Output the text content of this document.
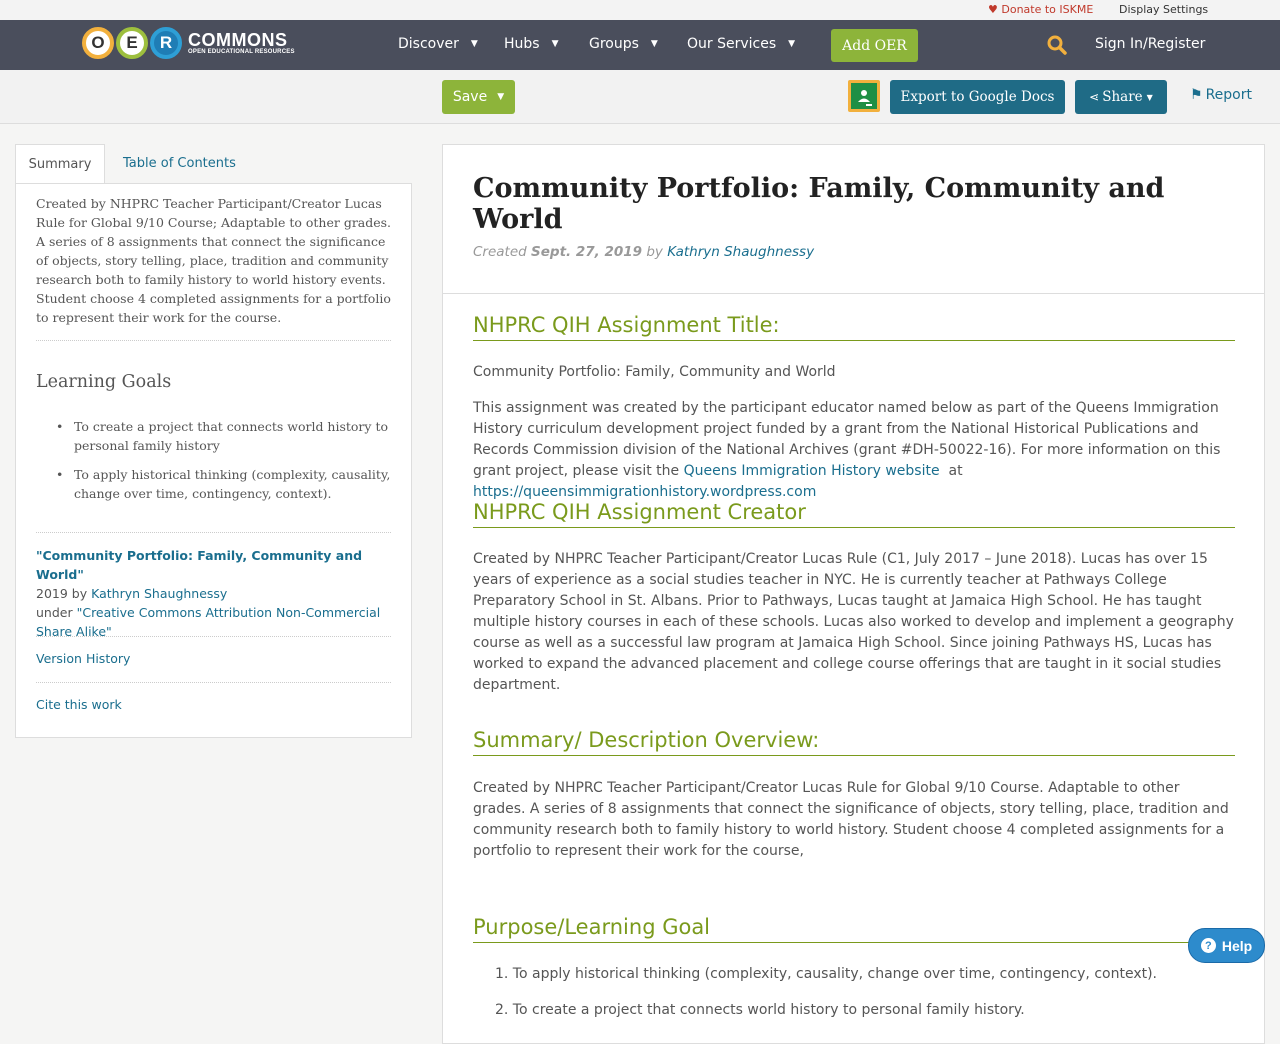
♥ Donate to ISKME Display Settings
O	E	R COMMONS
OPEN EDUCATIONAL RESOURCES	Discover ▼ Hubs ▼ Groups ▼ Our Services ▼	Add OER	Sign In/Register
Save ▼	Export to Google Docs	⋖ Share ▼	⚑ Report
Summary	Table of Contents
Created by NHPRC Teacher Participant/Creator Lucas Rule for Global 9/10 Course; Adaptable to other grades. A series of 8 assignments that connect the significance of objects, story telling, place, tradition and community research both to family history to world history events. Student choose 4 completed assignments for a portfolio to represent their work for the course.
Learning Goals
• To create a project that connects world history to personal family history
• To apply historical thinking (complexity, causality, change over time, contingency, context).
"Community Portfolio: Family, Community and World"
2019 by Kathryn Shaughnessy
under "Creative Commons Attribution Non-Commercial Share Alike"
Version History
Cite this work
Community Portfolio: Family, Community and World
Created Sept. 27, 2019 by Kathryn Shaughnessy
NHPRC QIH Assignment Title:
Community Portfolio: Family, Community and World
This assignment was created by the participant educator named below as part of the Queens Immigration History curriculum development project funded by a grant from the National Historical Publications and Records Commission division of the National Archives (grant #DH-50022-16). For more information on this grant project, please visit the Queens Immigration History website at https://queensimmigrationhistory.wordpress.com
NHPRC QIH Assignment Creator
Created by NHPRC Teacher Participant/Creator Lucas Rule (C1, July 2017 – June 2018). Lucas has over 15 years of experience as a social studies teacher in NYC. He is currently teacher at Pathways College Preparatory School in St. Albans. Prior to Pathways, Lucas taught at Jamaica High School. He has taught multiple history courses in each of these schools. Lucas also worked to develop and implement a geography course as well as a successful law program at Jamaica High School. Since joining Pathways HS, Lucas has worked to expand the advanced placement and college course offerings that are taught in it social studies department.
Summary/ Description Overview:
Created by NHPRC Teacher Participant/Creator Lucas Rule for Global 9/10 Course. Adaptable to other grades. A series of 8 assignments that connect the significance of objects, story telling, place, tradition and community research both to family history to world history. Student choose 4 completed assignments for a portfolio to represent their work for the course,
Purpose/Learning Goal
1. To apply historical thinking (complexity, causality, change over time, contingency, context).
2. To create a project that connects world history to personal family history.
? Help
